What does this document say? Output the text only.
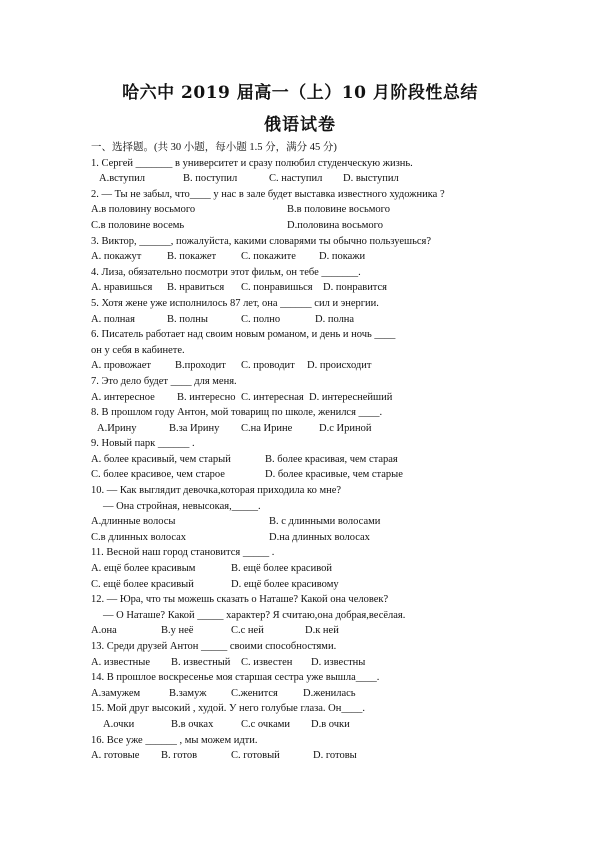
哈六中 2019 届高一（上）10 月阶段性总结
俄语试卷
一、选择题。(共 30 小题，每小题 1.5 分，满分 45 分)
1. Сергей _______ в университет и сразу полюбил студенческую жизнь.
A.вступил	B. поступил	C. наступил D. выступил
2. — Ты не забыл, что____ у нас в зале будет выставка известного художника ?
A.в половину восьмого	B.в половине восьмого
C.в половине восемь	D.половина восьмого
3. Виктор, ______, пожалуйста, какими словарями ты обычно пользуешься?
A. покажут B. покажет C. покажите D. покажи
4. Лиза, обязательно посмотри этот фильм, он тебе _______.
A. нравишься B. нравиться C. понравишься D. понравится
5. Хотя жене уже исполнилось 87 лет, она ______ сил и энергии.
A. полная	B. полны	C. полно	D. полна
6. Писатель работает над своим новым романом, и день и ночь ____
он у себя в кабинете.
A. провожает B.проходит C. проводит D. происходит
7. Это дело будет ____ для меня.
A. интересное B. интересно C. интересная D. интереснейший
8. В прошлом году Антон, мой товарищ по школе, женился ____.
A.Ирину	B.за Ирину C.на Ирине	D.с Ириной
9. Новый парк ______ .
A. более красивый, чем старый	B. более красивая, чем старая
C. более красивое, чем старое	D. более красивые, чем старые
10. — Как выглядит девочка,которая приходила ко мне?
— Она стройная, невысокая,_____.
A.длинные волосы	B. с длинными волосами
C.в длинных волосах	D.на длинных волосах
11. Весной наш город становится _____ .
A. ещё более красивым	B. ещё более красивой
C. ещё более красивый	D. ещё более красивому
12. — Юра, что ты можешь сказать о Наташе? Какой она человек?
— О Наташе? Какой _____ характер? Я считаю,она добрая,весёлая.
A.она	B.у неё	C.с ней	D.к ней
13. Среди друзей Антон _____ своими способностями.
A. известные B. известный C. известен D. известны
14. В прошлое воскресенье моя старшая сестра уже вышла____.
A.замужем	B.замуж C.женится D.женилась
15. Мой друг высокий , худой. У него голубые глаза. Он____.
A.очки	B.в очках	C.с очками D.в очки
16. Все уже ______ , мы можем идти.
A. готовые B. готов	C. готовый	D. готовы
